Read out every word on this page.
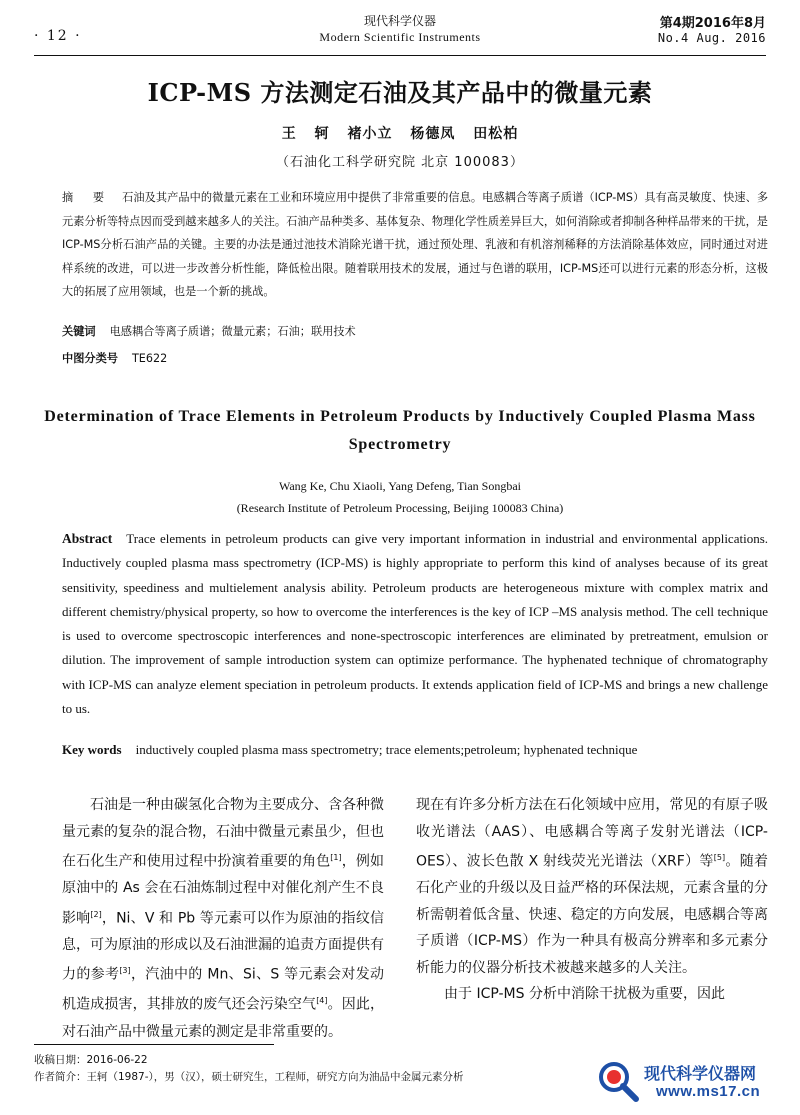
· 12 ·
现代科学仪器
Modern Scientific Instruments
第4期2016年8月
No.4 Aug. 2016
ICP-MS 方法测定石油及其产品中的微量元素
王 轲 褚小立 杨德凤 田松柏
（石油化工科学研究院 北京 100083）
摘 要 石油及其产品中的微量元素在工业和环境应用中提供了非常重要的信息。电感耦合等离子质谱（ICP-MS）具有高灵敏度、快速、多元素分析等特点因而受到越来越多人的关注。石油产品种类多、基体复杂、物理化学性质差异巨大，如何消除或者抑制各种样品带来的干扰，是ICP-MS分析石油产品的关键。主要的办法是通过池技术消除光谱干扰，通过预处理、乳液和有机溶剂稀释的方法消除基体效应，同时通过对进样系统的改进，可以进一步改善分析性能，降低检出限。随着联用技术的发展，通过与色谱的联用，ICP-MS还可以进行元素的形态分析，这极大的拓展了应用领域，也是一个新的挑战。
关键词 电感耦合等离子质谱；微量元素；石油；联用技术
中图分类号 TE622
Determination of Trace Elements in Petroleum Products by Inductively Coupled Plasma Mass Spectrometry
Wang Ke, Chu Xiaoli, Yang Defeng, Tian Songbai
(Research Institute of Petroleum Processing, Beijing 100083 China)
Abstract Trace elements in petroleum products can give very important information in industrial and environmental applications. Inductively coupled plasma mass spectrometry (ICP-MS) is highly appropriate to perform this kind of analyses because of its great sensitivity, speediness and multielement analysis ability. Petroleum products are heterogeneous mixture with complex matrix and different chemistry/physical property, so how to overcome the interferences is the key of ICP –MS analysis method. The cell technique is used to overcome spectroscopic interferences and none-spectroscopic interferences are eliminated by pretreatment, emulsion or dilution. The improvement of sample introduction system can optimize performance. The hyphenated technique of chromatography with ICP-MS can analyze element speciation in petroleum products. It extends application field of ICP-MS and brings a new challenge to us.
Key words inductively coupled plasma mass spectrometry; trace elements;petroleum; hyphenated technique

石油是一种由碳氢化合物为主要成分、含各种微量元素的复杂的混合物，石油中微量元素虽少，但也在石化生产和使用过程中扮演着重要的角色[1]，例如原油中的 As 会在石油炼制过程中对催化剂产生不良影响[2]，Ni、V 和 Pb 等元素可以作为原油的指纹信息，可为原油的形成以及石油泄漏的追责方面提供有力的参考[3]，汽油中的 Mn、Si、S 等元素会对发动机造成损害，其排放的废气还会污染空气[4]。因此，对石油产品中微量元素的测定是非常重要的。

现在有许多分析方法在石化领域中应用，常见的有原子吸收光谱法（AAS）、电感耦合等离子发射光谱法（ICP-OES）、波长色散 X 射线荧光光谱法（XRF）等[5]。随着石化产业的升级以及日益严格的环保法规，元素含量的分析需朝着低含量、快速、稳定的方向发展，电感耦合等离子质谱（ICP-MS）作为一种具有极高分辨率和多元素分析能力的仪器分析技术被越来越多的人关注。

由于 ICP-MS 分析中消除干扰极为重要，因此

收稿日期：2016-06-22
作者简介：王轲（1987-），男（汉），硕士研究生，工程师，研究方向为油品中金属元素分析	现代科学仪器网
www.ms17.cn
